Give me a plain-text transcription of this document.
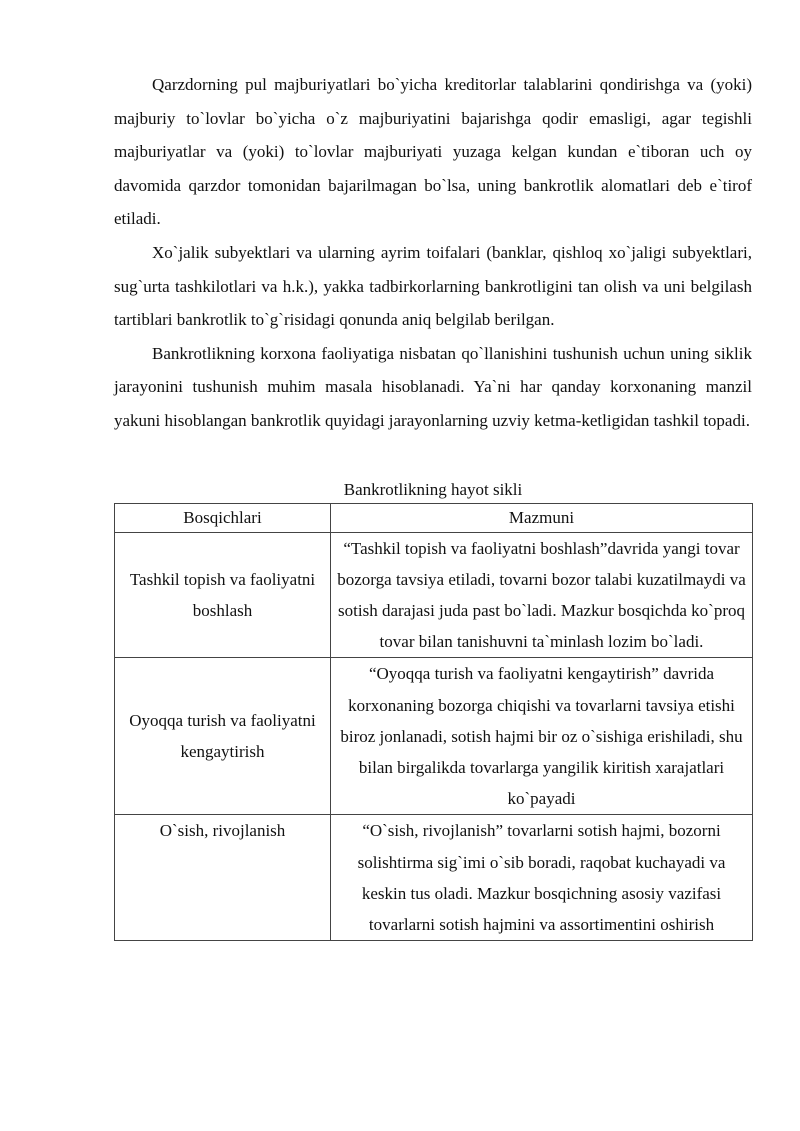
Qarzdorning pul majburiyatlari bo`yicha kreditorlar talablarini qondirishga va (yoki) majburiy to`lovlar bo`yicha o`z majburiyatini bajarishga qodir emasligi, agar tegishli majburiyatlar va (yoki) to`lovlar majburiyati yuzaga kelgan kundan e`tiboran uch oy davomida qarzdor tomonidan bajarilmagan bo`lsa, uning bankrotlik alomatlari deb e`tirof etiladi.

Xo`jalik subyektlari va ularning ayrim toifalari (banklar, qishloq xo`jaligi subyektlari, sug`urta tashkilotlari va h.k.), yakka tadbirkorlarning bankrotligini tan olish va uni belgilash tartiblari bankrotlik to`g`risidagi qonunda aniq belgilab berilgan.

Bankrotlikning korxona faoliyatiga nisbatan qo`llanishini tushunish uchun uning siklik jarayonini tushunish muhim masala hisoblanadi. Ya`ni har qanday korxonaning manzil yakuni hisoblangan bankrotlik quyidagi jarayonlarning uzviy ketma-ketligidan tashkil topadi.

Bankrotlikning hayot sikli

Bosqichlari	Mazmuni
Tashkil topish va faoliyatni boshlash	“Tashkil topish va faoliyatni boshlash”davrida yangi tovar bozorga tavsiya etiladi, tovarni bozor talabi kuzatilmaydi va sotish darajasi juda past bo`ladi. Mazkur bosqichda ko`proq tovar bilan tanishuvni ta`minlash lozim bo`ladi.
Oyoqqa turish va faoliyatni kengaytirish	“Oyoqqa turish va faoliyatni kengaytirish” davrida korxonaning bozorga chiqishi va tovarlarni tavsiya etishi biroz jonlanadi, sotish hajmi bir oz o`sishiga erishiladi, shu bilan birgalikda tovarlarga yangilik kiritish xarajatlari ko`payadi
O`sish, rivojlanish	“O`sish, rivojlanish” tovarlarni sotish hajmi, bozorni solishtirma sig`imi o`sib boradi, raqobat kuchayadi va keskin tus oladi. Mazkur bosqichning asosiy vazifasi tovarlarni sotish hajmini va assortimentini oshirish
